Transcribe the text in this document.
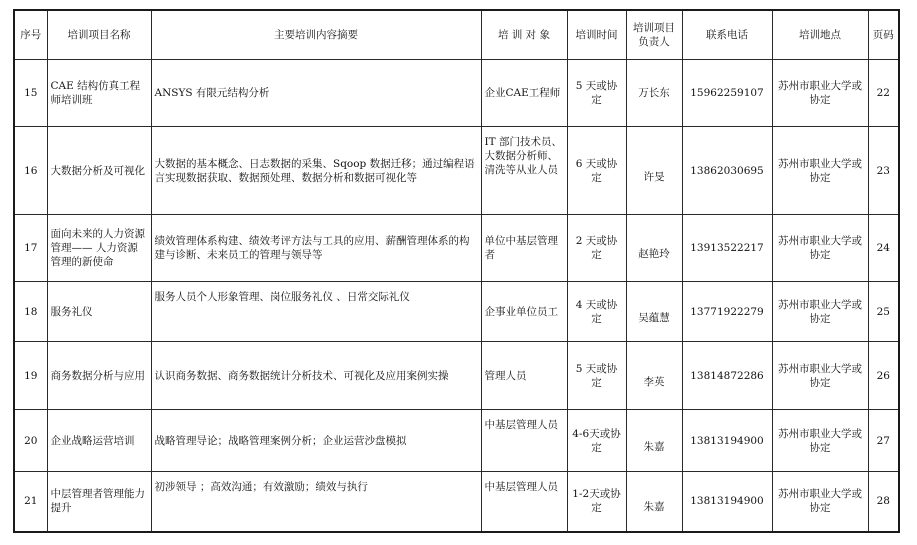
序号	培训项目名称	主要培训内容摘要	培 训 对 象	培训时间	培训项目负责人	联系电话	培训地点	页码
15	CAE 结构仿真工程师培训班	ANSYS 有限元结构分析	企业CAE工程师	5 天或协定	万长东	15962259107	苏州市职业大学或协定	22
16	大数据分析及可视化	大数据的基本概念、日志数据的采集、Sqoop 数据迁移；通过编程语言实现数据获取、数据预处理、数据分析和数据可视化等	IT 部门技术员、大数据分析师、清洗等从业人员	6 天或协定	许旻	13862030695	苏州市职业大学或协定	23
17	面向未来的人力资源管理—— 人力资源管理的新使命	绩效管理体系构建、绩效考评方法与工具的应用、薪酬管理体系的构建与诊断、未来员工的管理与领导等	单位中基层管理者	2 天或协定	赵艳玲	13913522217	苏州市职业大学或协定	24
18	服务礼仪	服务人员个人形象管理、岗位服务礼仪 、日常交际礼仪	企事业单位员工	4 天或协定	吴蕴慧	13771922279	苏州市职业大学或协定	25
19	商务数据分析与应用	认识商务数据、商务数据统计分析技术、可视化及应用案例实操	管理人员	5 天或协定	李英	13814872286	苏州市职业大学或协定	26
20	企业战略运营培训	战略管理导论；战略管理案例分析；企业运营沙盘模拟	中基层管理人员	4-6天或协定	朱嘉	13813194900	苏州市职业大学或协定	27
21	中层管理者管理能力提升	初涉领导 ；高效沟通；有效激励；绩效与执行	中基层管理人员	1-2天或协定	朱嘉	13813194900	苏州市职业大学或协定	28
